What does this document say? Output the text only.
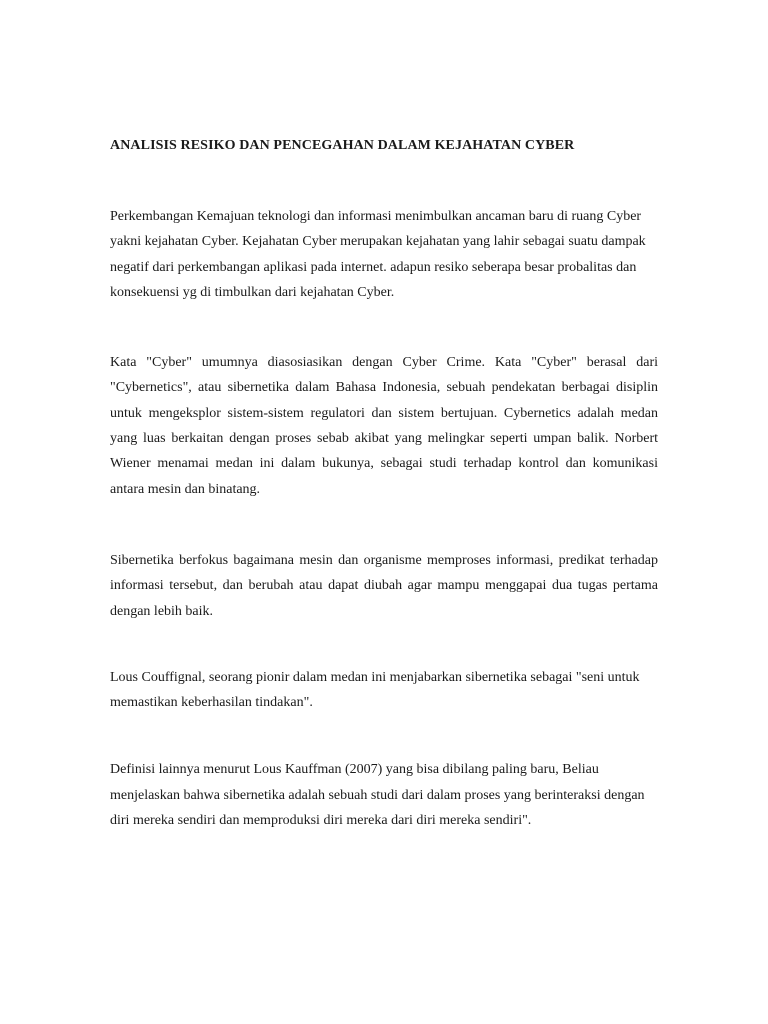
ANALISIS RESIKO DAN PENCEGAHAN DALAM KEJAHATAN CYBER

Perkembangan Kemajuan teknologi dan informasi menimbulkan ancaman baru di ruang Cyber yakni kejahatan Cyber. Kejahatan Cyber merupakan kejahatan yang lahir sebagai suatu dampak negatif dari perkembangan aplikasi pada internet. adapun resiko seberapa besar probalitas dan konsekuensi yg di timbulkan dari kejahatan Cyber.

Kata "Cyber" umumnya diasosiasikan dengan Cyber Crime. Kata "Cyber" berasal dari "Cybernetics", atau sibernetika dalam Bahasa Indonesia, sebuah pendekatan berbagai disiplin untuk mengeksplor sistem-sistem regulatori dan sistem bertujuan. Cybernetics adalah medan yang luas berkaitan dengan proses sebab akibat yang melingkar seperti umpan balik. Norbert Wiener menamai medan ini dalam bukunya, sebagai studi terhadap kontrol dan komunikasi antara mesin dan binatang.

Sibernetika berfokus bagaimana mesin dan organisme memproses informasi, predikat terhadap informasi tersebut, dan berubah atau dapat diubah agar mampu menggapai dua tugas pertama dengan lebih baik.

Lous Couffignal, seorang pionir dalam medan ini menjabarkan sibernetika sebagai "seni untuk memastikan keberhasilan tindakan".

Definisi lainnya menurut Lous Kauffman (2007) yang bisa dibilang paling baru, Beliau menjelaskan bahwa sibernetika adalah sebuah studi dari dalam proses yang berinteraksi dengan diri mereka sendiri dan memproduksi diri mereka dari diri mereka sendiri".
